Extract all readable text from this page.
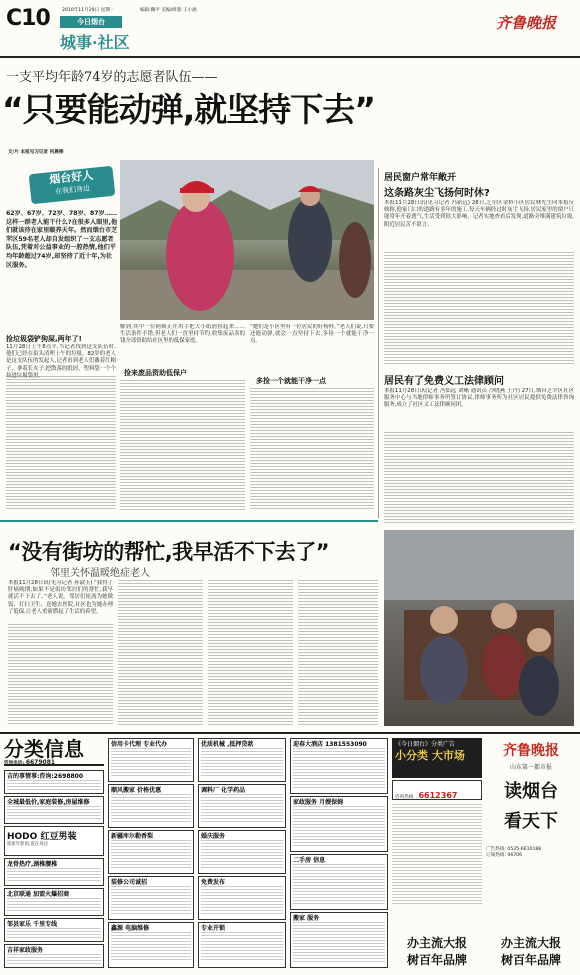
C10	2010年11月29日 星期一	编辑:鞠平 美编/组版:王小涵
今日烟台
城事·社区
齐鲁晚报
一支平均年龄74岁的志愿者队伍——
“只要能动弹,就坚持下去”
文/片 本报见习记者 何晨棒
烟台好人
在我们身边
62岁、67岁、72岁、78岁、87岁……这样一群老人能干什么?在很多人眼里,他们就该待在家里颐养天年。然而烟台市芝罘区59名老人却自发组织了一支志愿者队伍,凭着对公益事业的一腔热情,他们平均年龄超过74岁,却坚持了近十年,为社区服务。
捡垃圾袋铲狗屎,两年了!
11月28日上午8点半,当记者找到这支队伍时,他们已经在街头清理上午的垃圾。82岁的老人是这支队伍的发起人,记者看到老人们戴着红帽子、拿着长夹子,把散落的纸屑、塑料袋一个个捡进垃圾袋里。
解到,其中一位阿姨正在用手把大小纸屑捡起来……生活条件不错,但老人们一直坚持节约,收集废品卖的钱全部资助给社区里的低保家庭。
捡来废品资助低保户
“她们是小区里有一位居民的好榜样。”老人们说,只要还能动弹,就会一直坚持下去,多捡一个就能干净一点。
多捡一个就能干净一点
居民窗户常年敞开
这条路灰尘飞扬何时休?
本报11月28日讯(见习记者 冯新远) 28日,芝罘区金桥小区居民林先生向本报反映称,他家门口的道路有多年的施工,每天车辆经过时灰尘飞扬,居民家里的窗户只能常年开着透气,生活受到很大影响。记者实地查看后发现,道路旁堆满建筑垃圾,附近居民苦不堪言。
居民有了免费义工法律顾问
本报11月28日讯(记者 冯仙远 刘晰 通讯员 冷晓燕 王丹) 27日,烟台芝罘区社区服务中心与当地律师事务所签订协议,律师事务所为社区居民提供免费法律咨询服务,成立了社区义工法律顾问团。
“没有街坊的帮忙,我早活不下去了”
邻里关怀温暖绝症老人
本报11月28日讯(见习记者 孙淑玉) “我得了肝癌晚期,如果不是街坊邻居们的帮忙,我早就活不下去了。”老人说。邻居们轮流为她做饭、打扫卫生、送她去医院,社区也为她办理了低保,让老人重新燃起了生活的希望。
分类信息
咨询电话: 6679081
吉的事情事:咨询:2698800
全城最低价,家庭装修,房屋维修
HODO 红豆男装
迎新年促销,爱在身边
龙骨热疗,颈椎腰椎
北京联通 加盟火爆招商
邹县家乐 千里专线
吉祥家政服务
信用卡代理 专业代办
顺风搬家 价格优惠
新疆库尔勒香梨
装修公司诚招
鑫源 电脑维修
优质机械 ,抵押贷款
调料厂 化学药品
婚庆服务
免费发布
专业开锁
迎春大酒店 1381553090
家政服务 月嫂保姆
二手房 信息
搬家 服务
《今日烟台》分类广告
小分类 大市场
咨询热线 6612367
齐鲁晚报
山东第一都市报
读烟台
看天下
广告热线: 0535-6610188
订阅热线: 96706
办主流大报
树百年品牌
办主流大报
树百年品牌
